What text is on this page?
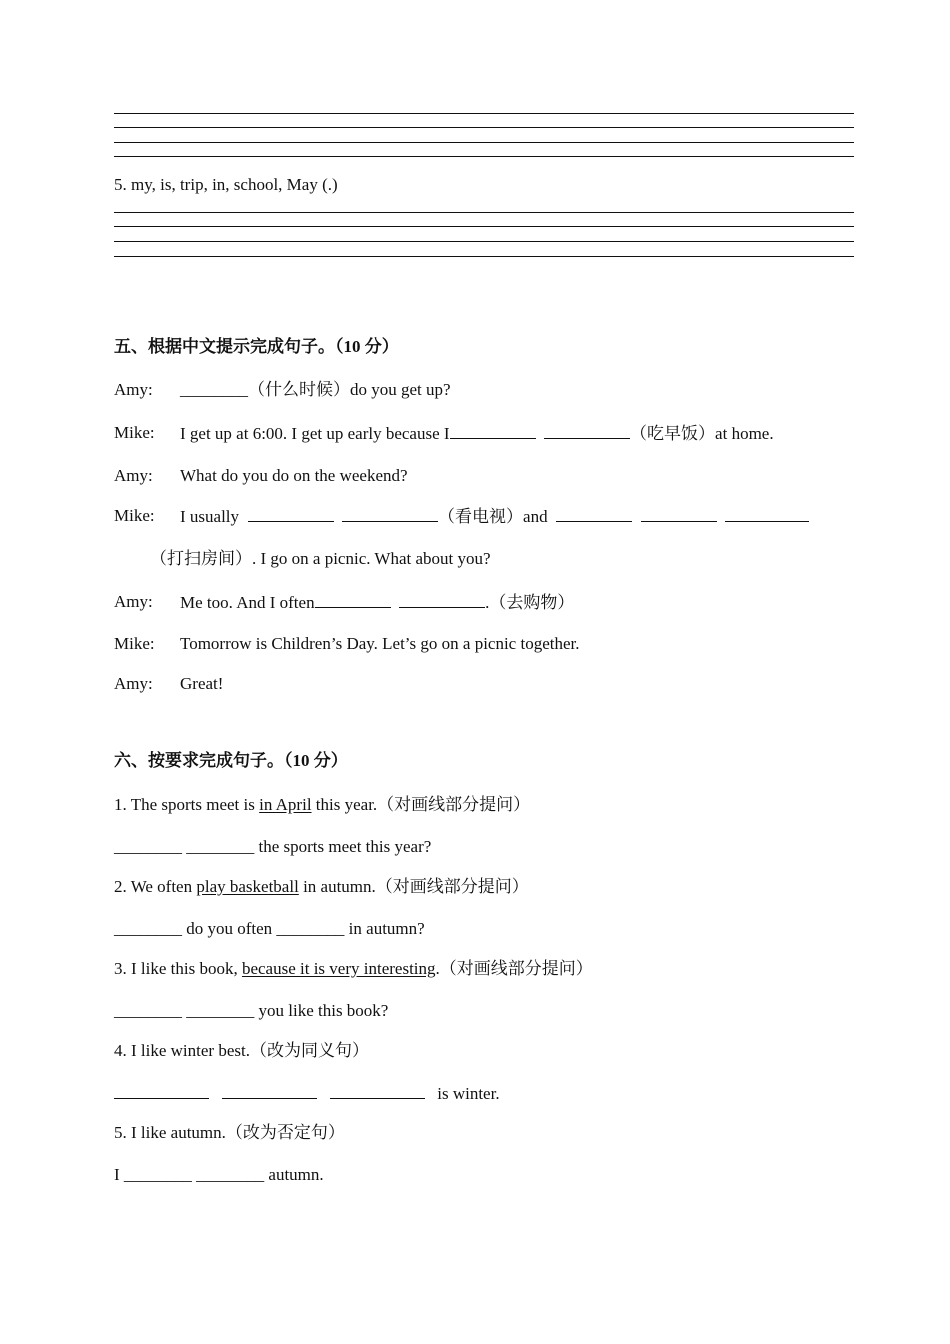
5. my, is, trip, in, school, May (.)
五、根据中文提示完成句子。（10 分）
Amy: ________（什么时候）do you get up?
Mike: I get up at 6:00. I get up early because I	（吃早饭）at home.
Amy: What do you do on the weekend?
Mike: I usually	（看电视）and
（打扫房间）. I go on a picnic. What about you?
Amy: Me too. And I often	.（去购物）
Mike: Tomorrow is Children’s Day. Let’s go on a picnic together.
Amy: Great!
六、按要求完成句子。（10 分）
1. The sports meet is in April this year.（对画线部分提问）
________ ________ the sports meet this year?
2. We often play basketball in autumn.（对画线部分提问）
________ do you often ________ in autumn?
3. I like this book, because it is very interesting.（对画线部分提问）
________ ________ you like this book?
4. I like winter best.（改为同义句）
is winter.
5. I like autumn.（改为否定句）
I ________ ________ autumn.
